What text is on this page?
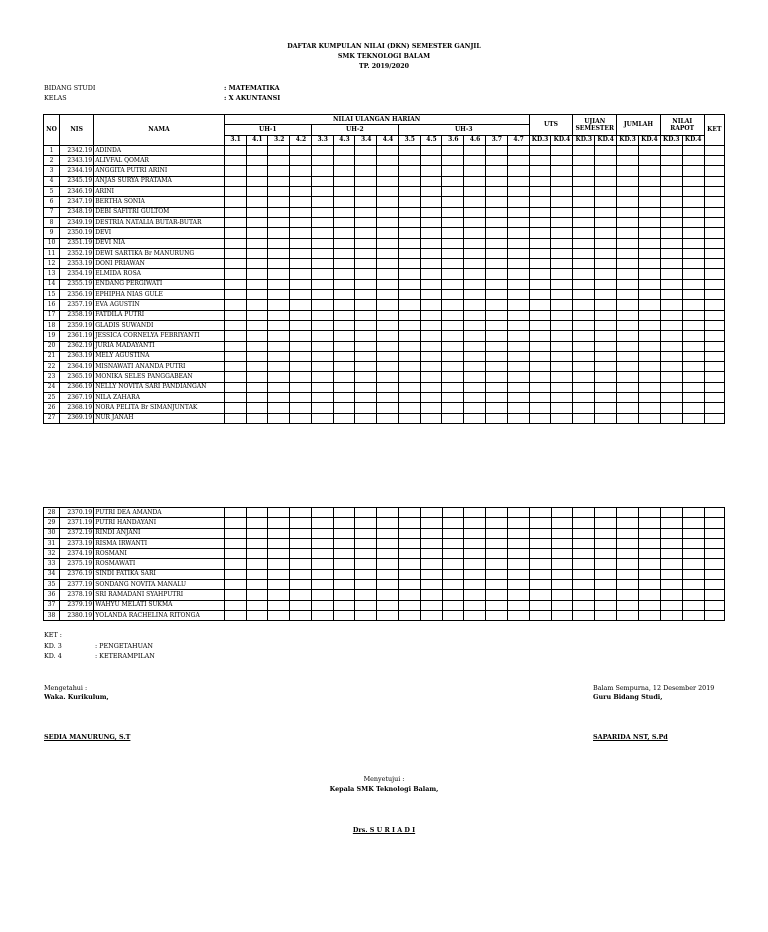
DAFTAR KUMPULAN NILAI (DKN) SEMESTER GANJIL
SMK TEKNOLOGI BALAM
TP. 2019/2020
BIDANG STUDI	: MATEMATIKA
KELAS	: X AKUNTANSI
NO	NIS	NAMA	NILAI ULANGAN HARIAN														UTS		UJIAN SEMESTER		JUMLAH		NILAI RAPOT		KET
			UH-1				UH-2				UH-3														
			3.1	4.1	3.2	4.2	3.3	4.3	3.4	4.4	3.5	4.5	3.6	4.6	3.7	4.7	KD.3	KD.4	KD.3	KD.4	KD.3	KD.4	KD.3	KD.4	
1	2342.19	ADINDA																							
2	2343.19	ALIVFAL QOMAR																							
3	2344.19	ANGGITA PUTRI ARINI																							
4	2345.19	ANJAS SURYA PRATAMA																							
5	2346.19	ARINI																							
6	2347.19	BERTHA SONIA																							
7	2348.19	DEBI SAFITRI GULTOM																							
8	2349.19	DESTRIA NATALIA BUTAR-BUTAR																							
9	2350.19	DEVI																							
10	2351.19	DEVI NIA																							
11	2352.19	DEWI SARTIKA Br MANURUNG																							
12	2353.19	DONI PRIAWAN																							
13	2354.19	ELMIDA ROSA																							
14	2355.19	ENDANG PERGIWATI																							
15	2356.19	EPHIPHA NIAS GULE																							
16	2357.19	EVA AGUSTIN																							
17	2358.19	FATDILA PUTRI																							
18	2359.19	GLADIS SUWANDI																							
19	2361.19	JESSICA CORNELYA FEBRIYANTI																							
20	2362.19	JURIA MADAYANTI																							
21	2363.19	MELY AGUSTINA																							
22	2364.19	MISNAWATI ANANDA PUTRI																							
23	2365.19	MONIKA SELES PANGGABEAN																							
24	2366.19	NELLY NOVITA SARI PANDIANGAN																							
25	2367.19	NILA ZAHARA																							
26	2368.19	NORA PELITA Br SIMANJUNTAK																							
27	2369.19	NUR JANAH																							
28	2370.19	PUTRI DEA AMANDA																							
29	2371.19	PUTRI HANDAYANI																							
30	2372.19	RINDI ANJANI																							
31	2373.19	RISMA IRWANTI																							
32	2374.19	ROSMANI																							
33	2375.19	ROSMAWATI																							
34	2376.19	SINDI FATIKA SARI																							
35	2377.19	SONDANG NOVITA MANALU																							
36	2378.19	SRI RAMADANI SYAHPUTRI																							
37	2379.19	WAHYU MELATI SUKMA																							
38	2380.19	YOLANDA RACHELINA RITONGA																							
KET :
KD. 3	: PENGETAHUAN
KD. 4	: KETERAMPILAN
Mengetahui :
Waka. Kurikulum,
SEDIA MANURUNG, S.T
Balam Sempurna, 12 Desember 2019
Guru Bidang Studi,
SAPARIDA NST, S.Pd
Menyetujui :
Kepala SMK Teknologi Balam,
Drs. S U R I A D I
